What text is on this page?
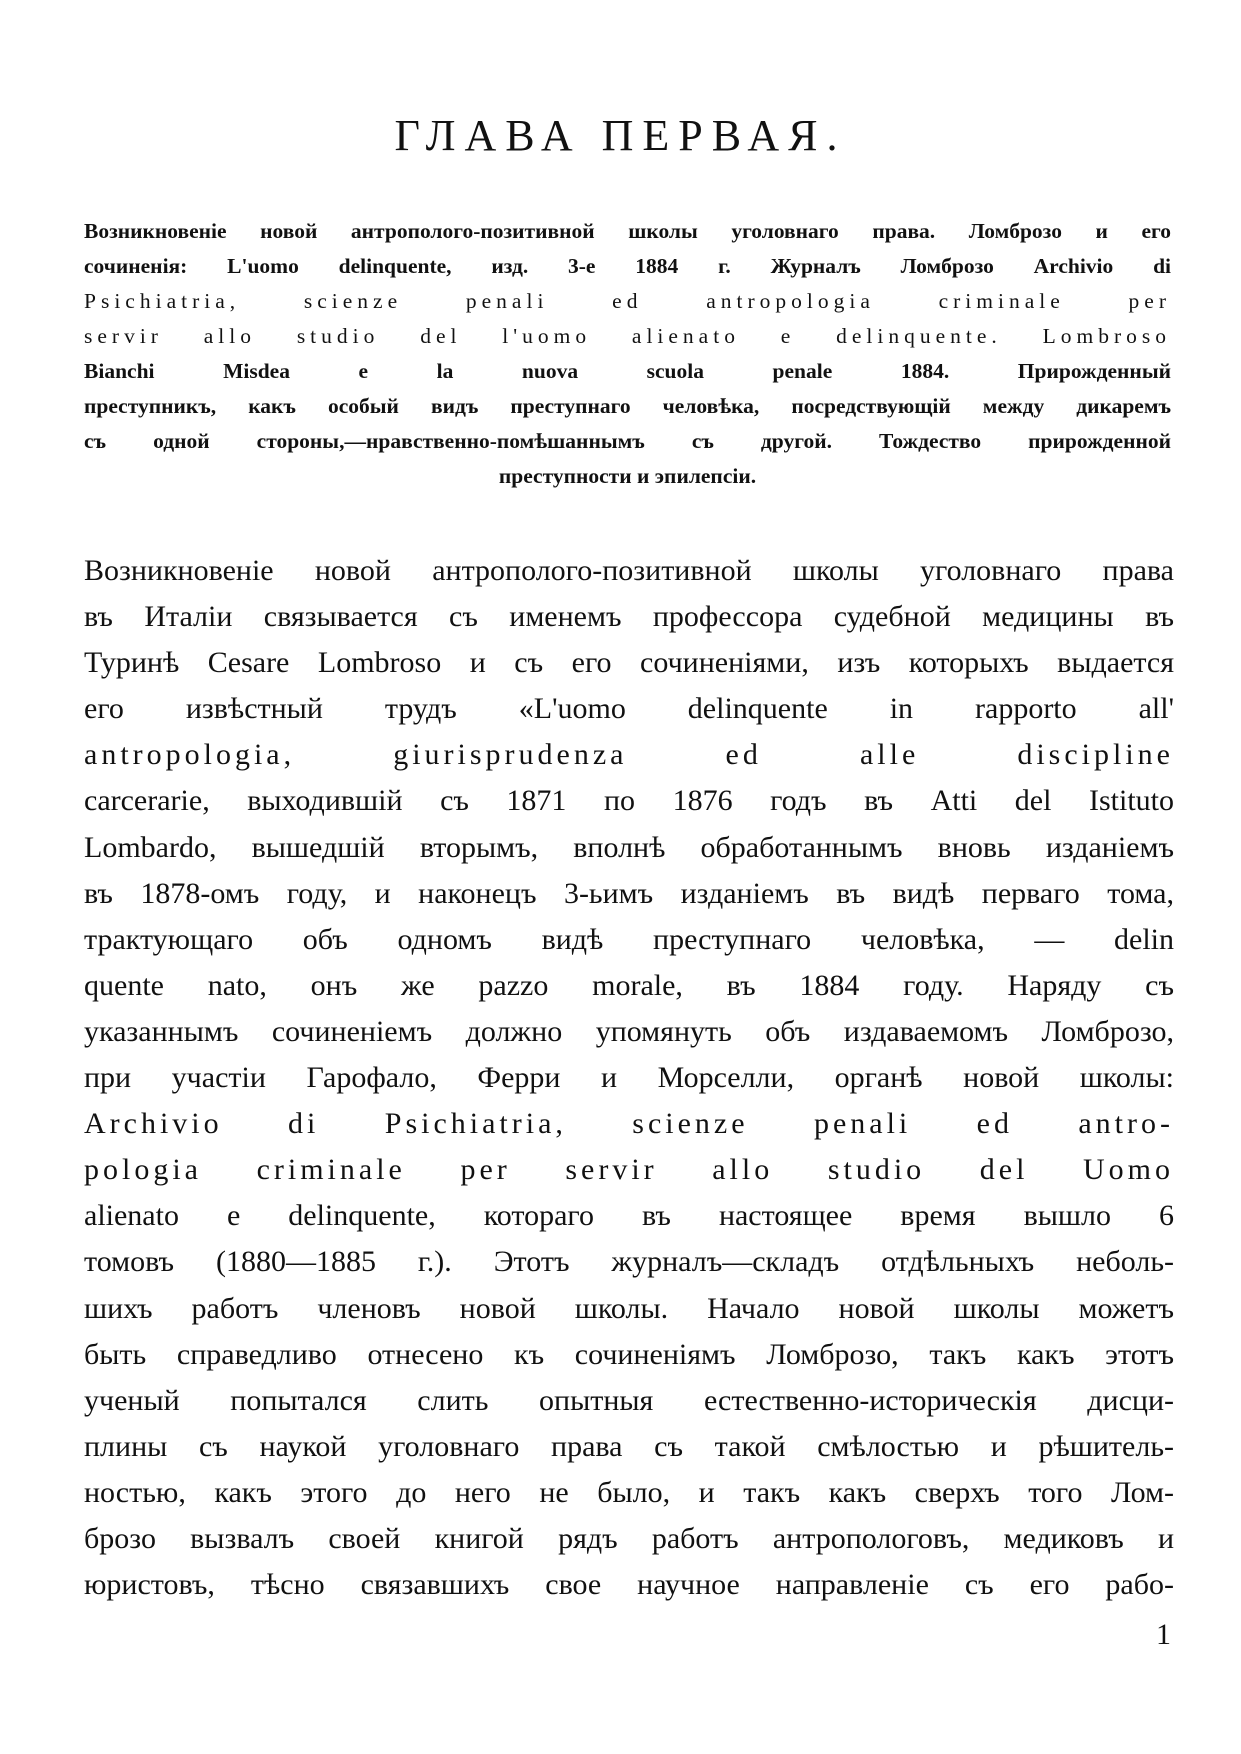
ГЛАВА ПЕРВАЯ.
Возникновеніе новой антрополого-позитивной школы уголовнаго права. Ломброзо и его
сочиненія: L'uomo delinquente, изд. 3-е 1884 г. Журналъ Ломброзо Archivio di
Psichiatria, scienze penali ed antropologia criminale per
servir allo studio del l'uomo alienato e delinquente. Lombroso
Bianchi Misdea e la nuova scuola penale 1884. Прирожденный
преступникъ, какъ особый видъ преступнаго человѣка, посредствующій между дикаремъ
съ одной стороны,—нравственно-помѣшаннымъ съ другой. Тождество прирожденной
преступности и эпилепсіи.
Возникновеніе новой антрополого-позитивной школы уголовнаго права
въ Италіи связывается съ именемъ профессора судебной медицины въ
Туринѣ Cesare Lombroso и съ его сочиненіями, изъ которыхъ выдается
его извѣстный трудъ «L'uomo delinquente in rapporto all'
antropologia, giurisprudenza ed alle discipline
carcerarie, выходившій съ 1871 по 1876 годъ въ Atti del Istituto
Lombardo, вышедшій вторымъ, вполнѣ обработаннымъ вновь изданіемъ
въ 1878-омъ году, и наконецъ 3-ьимъ изданіемъ въ видѣ перваго тома,
трактующаго объ одномъ видѣ преступнаго человѣка, — delin
quente nato, онъ же pazzo morale, въ 1884 году. Наряду съ
указаннымъ сочиненіемъ должно упомянуть объ издаваемомъ Ломброзо,
при участіи Гарофало, Ферри и Морселли, органѣ новой школы:
Archivio di Psichiatria, scienze penali ed antro-
pologia criminale per servir allo studio del Uomo
alienato e delinquente, котораго въ настоящее время вышло 6
томовъ (1880—1885 г.). Этотъ журналъ—складъ отдѣльныхъ неболь-
шихъ работъ членовъ новой школы. Начало новой школы можетъ
быть справедливо отнесено къ сочиненіямъ Ломброзо, такъ какъ этотъ
ученый попытался слить опытныя естественно-историческія дисци-
плины съ наукой уголовнаго права съ такой смѣлостью и рѣшитель-
ностью, какъ этого до него не было, и такъ какъ сверхъ того Лом-
брозо вызвалъ своей книгой рядъ работъ антропологовъ, медиковъ и
юристовъ, тѣсно связавшихъ свое научное направленіе съ его рабо-

1
